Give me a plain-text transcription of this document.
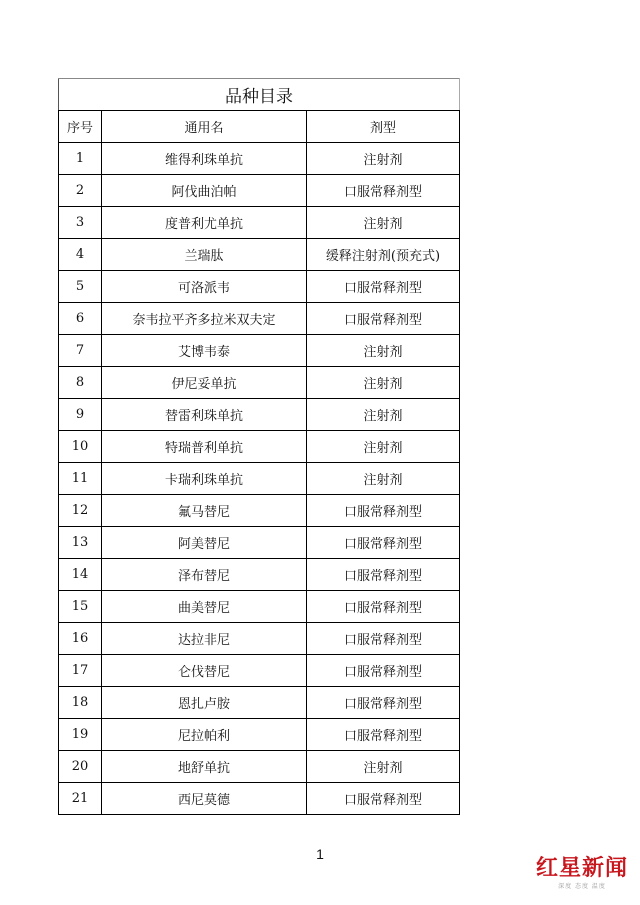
品种目录		
序号	通用名	剂型
1	维得利珠单抗	注射剂
2	阿伐曲泊帕	口服常释剂型
3	度普利尤单抗	注射剂
4	兰瑞肽	缓释注射剂(预充式)
5	可洛派韦	口服常释剂型
6	奈韦拉平齐多拉米双夫定	口服常释剂型
7	艾博韦泰	注射剂
8	伊尼妥单抗	注射剂
9	替雷利珠单抗	注射剂
10	特瑞普利单抗	注射剂
11	卡瑞利珠单抗	注射剂
12	氟马替尼	口服常释剂型
13	阿美替尼	口服常释剂型
14	泽布替尼	口服常释剂型
15	曲美替尼	口服常释剂型
16	达拉非尼	口服常释剂型
17	仑伐替尼	口服常释剂型
18	恩扎卢胺	口服常释剂型
19	尼拉帕利	口服常释剂型
20	地舒单抗	注射剂
21	西尼莫德	口服常释剂型
1
红星新闻
深度 态度 温度
